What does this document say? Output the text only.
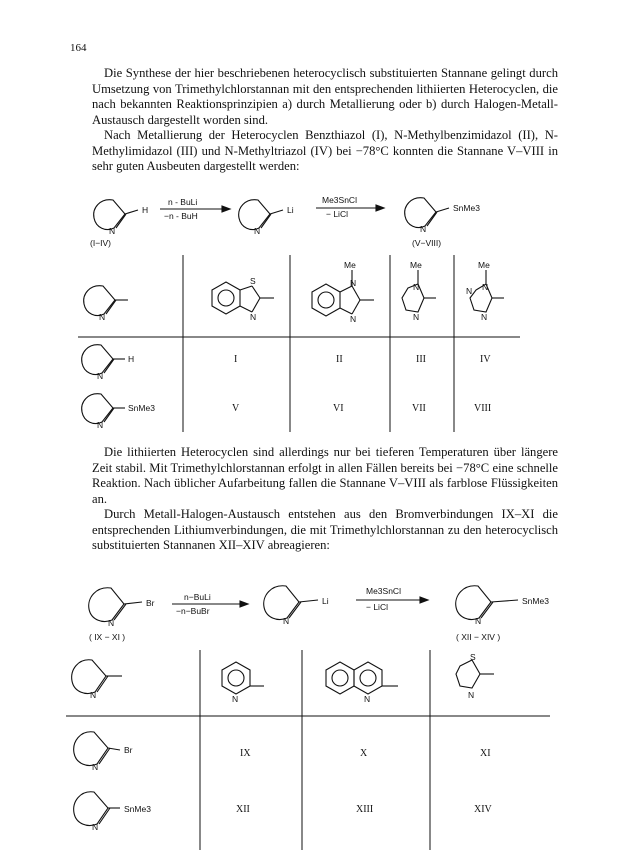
164

Die Synthese der hier beschriebenen heterocyclisch substituierten Stannane gelingt durch Umsetzung von Trimethylchlorstannan mit den entsprechenden lithiierten Heterocyclen, die nach bekannten Reaktionsprinzipien a) durch Metallierung oder b) durch Halogen-Metall-Austausch dargestellt worden sind.

Nach Metallierung der Heterocyclen Benzthiazol (I), N-Methylbenzimidazol (II), N-Methylimidazol (III) und N-Methyltriazol (IV) bei −78°C konnten die Stannane V–VIII in sehr guten Ausbeuten dargestellt werden:

Die lithiierten Heterocyclen sind allerdings nur bei tieferen Temperaturen über längere Zeit stabil. Mit Trimethylchlorstannan erfolgt in allen Fällen bereits bei −78°C eine schnelle Reaktion. Nach üblicher Aufarbeitung fallen die Stannane V–VIII als farblose Flüssigkeiten an.

Durch Metall-Halogen-Austausch entstehen aus den Bromverbindungen IX–XI die entsprechenden Lithiumverbindungen, die mit Trimethylchlorstannan zu den heterocyclisch substituierten Stannanen XII–XIV abreagieren:

N
H
(I−IV)
n - BuLi
−n - BuH
N
Li
Me3SnCl
− LiCl
N
SnMe3
(V−VIII)
N
S
N
Me
N
N
Me
N
N
Me
N N
N
N
H	I	II	III	IV
N
SnMe3	V	VI	VII	VIII
N
Br
( IX − XI )
n−BuLi
−n−BuBr
N
Li
Me3SnCl
− LiCl
N
SnMe3
( XII − XIV )
N	N	N
S
N
N
Br	IX	X	XI
N
SnMe3	XII	XIII	XIV
